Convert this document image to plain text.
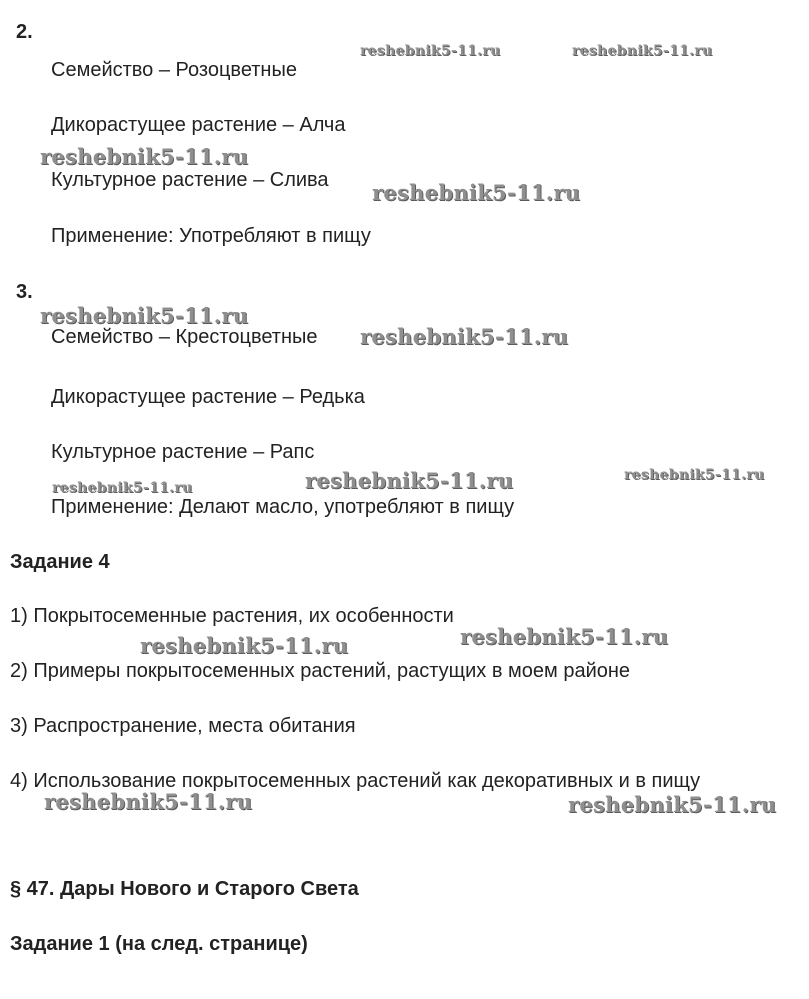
2.
Семейство – Розоцветные
Дикорастущее растение – Алча
Культурное растение – Слива
Применение: Употребляют в пищу
3.
Семейство – Крестоцветные
Дикорастущее растение – Редька
Культурное растение – Рапс
Применение: Делают масло, употребляют в пищу
Задание 4
1) Покрытосеменные растения, их особенности
2) Примеры покрытосеменных растений, растущих в моем районе
3) Распространение, места обитания
4) Использование покрытосеменных растений как декоративных и в пищу
§ 47. Дары Нового и Старого Света
Задание 1 (на след. странице)
reshebnik5-11.ru	reshebnik5-11.ru
reshebnik5-11.ru
reshebnik5-11.ru
reshebnik5-11.ru
reshebnik5-11.ru
reshebnik5-11.ru	reshebnik5-11.ru	reshebnik5-11.ru
reshebnik5-11.ru	reshebnik5-11.ru
reshebnik5-11.ru	reshebnik5-11.ru
